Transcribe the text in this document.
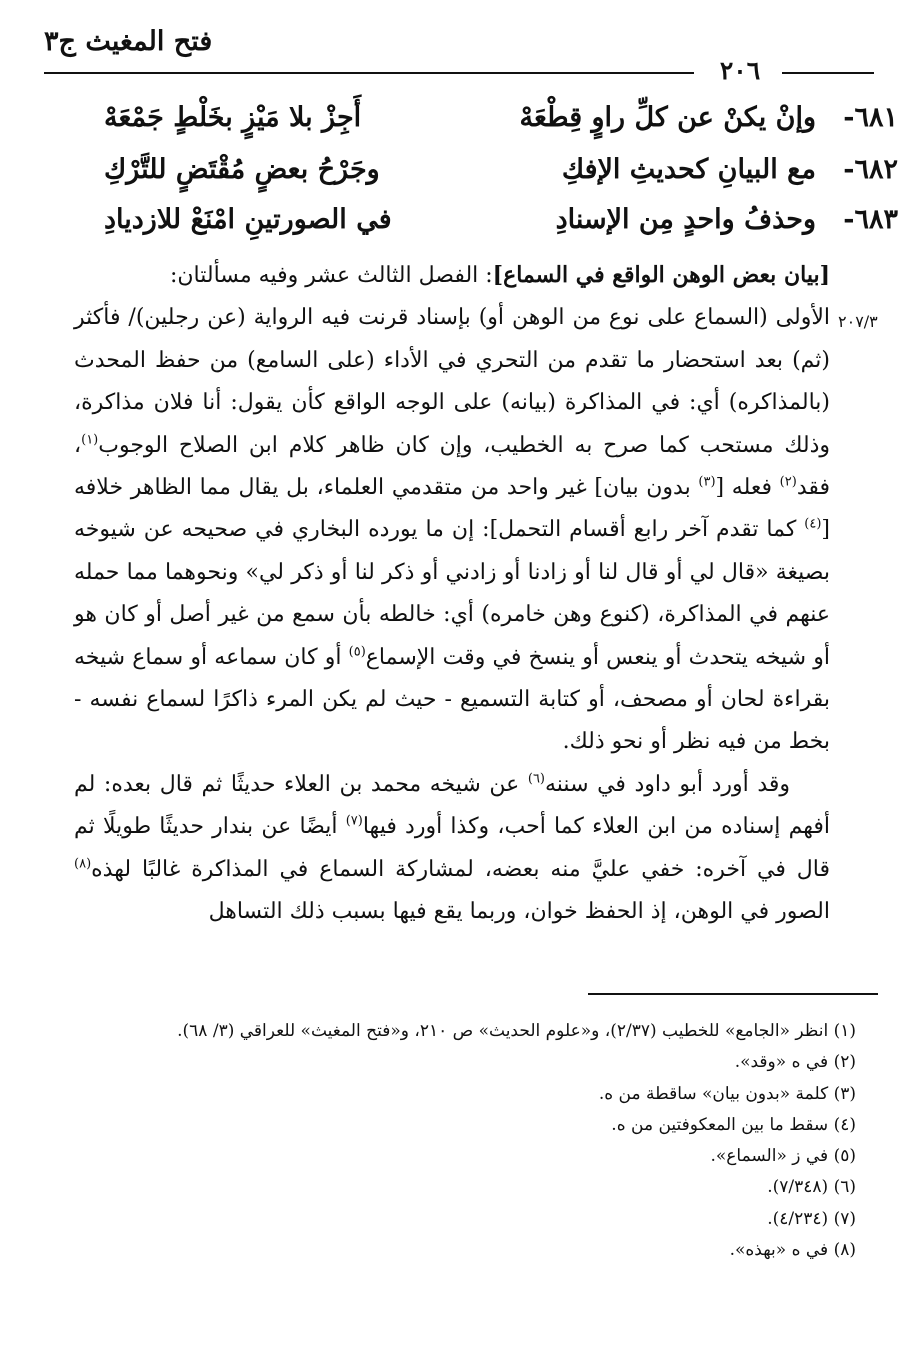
فتح المغيث ج٣
٢٠٦
٦٨١-
وإنْ يكنْ عن كلِّ راوٍ قِطْعَهْ
أَجِزْ بلا مَيْزٍ بخَلْطٍ جَمْعَهْ
٦٨٢-
مع البيانِ كحديثِ الإفكِ
وجَرْحُ بعضٍ مُقْتَضٍ للتَّرْكِ
٦٨٣-
وحذفُ واحدٍ مِن الإسنادِ
في الصورتينِ امْنَعْ للازديادِ
٢٠٧/٣

[بيان بعض الوهن الواقع في السماع]: الفصل الثالث عشر وفيه مسألتان:

الأولى (السماع على نوع من الوهن أو) بإسناد قرنت فيه الرواية (عن رجلين)/ فأكثر (ثم) بعد استحضار ما تقدم من التحري في الأداء (على السامع) من حفظ المحدث (بالمذاكره) أي: في المذاكرة (بيانه) على الوجه الواقع كأن يقول: أنا فلان مذاكرة، وذلك مستحب كما صرح به الخطيب، وإن كان ظاهر كلام ابن الصلاح الوجوب$^{(١)}$، فقد$^{(٢)}$ فعله [$^{(٣)}$ بدون بيان] غير واحد من متقدمي العلماء، بل يقال مما الظاهر خلافه [$^{(٤)}$ كما تقدم آخر رابع أقسام التحمل]: إن ما يورده البخاري في صحيحه عن شيوخه بصيغة «قال لي أو قال لنا أو زادنا أو زادني أو ذكر لنا أو ذكر لي» ونحوهما مما حمله عنهم في المذاكرة، (كنوع وهن خامره) أي: خالطه بأن سمع من غير أصل أو كان هو أو شيخه يتحدث أو ينعس أو ينسخ في وقت الإسماع$^{(٥)}$ أو كان سماعه أو سماع شيخه بقراءة لحان أو مصحف، أو كتابة التسميع - حيث لم يكن المرء ذاكرًا لسماع نفسه - بخط من فيه نظر أو نحو ذلك.

وقد أورد أبو داود في سننه$^{(٦)}$ عن شيخه محمد بن العلاء حديثًا ثم قال بعده: لم أفهم إسناده من ابن العلاء كما أحب، وكذا أورد فيها$^{(٧)}$ أيضًا عن بندار حديثًا طويلًا ثم قال في آخره: خفي عليَّ منه بعضه، لمشاركة السماع في المذاكرة غالبًا لهذه$^{(٨)}$ الصور في الوهن، إذ الحفظ خوان، وربما يقع فيها بسبب ذلك التساهل

(١) انظر «الجامع» للخطيب (٢/٣٧)، و«علوم الحديث» ص ٢١٠، و«فتح المغيث» للعراقي (٣/ ٦٨).
(٢) في ه «وقد».
(٣) كلمة «بدون بيان» ساقطة من ه.
(٤) سقط ما بين المعكوفتين من ه.
(٥) في ز «السماع».
(٦) (٧/٣٤٨).
(٧) (٤/٢٣٤).
(٨) في ه «بهذه».
